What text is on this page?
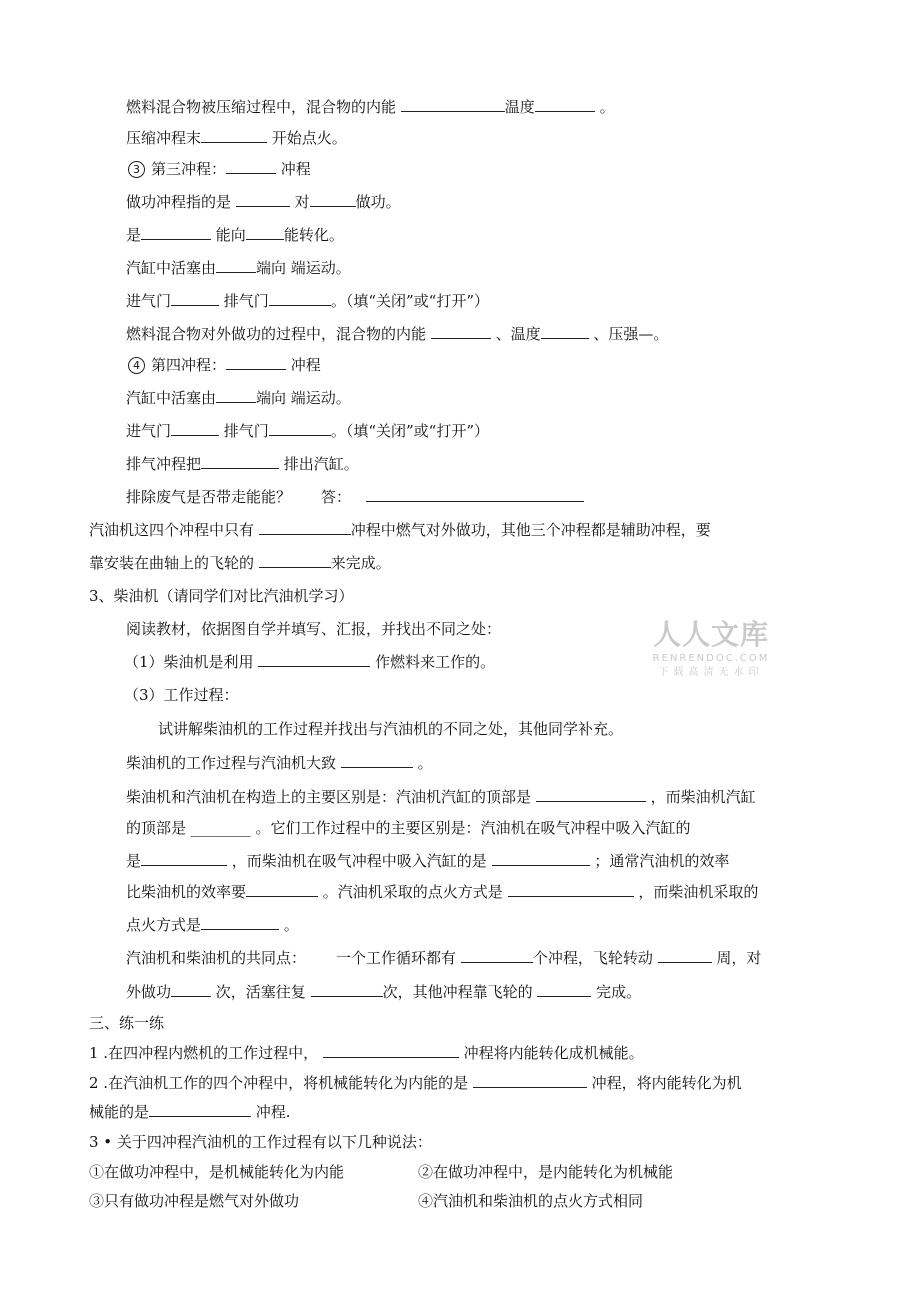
燃料混合物被压缩过程中，混合物的内能	温度	。
压缩冲程末	开始点火。
3 第三冲程：	冲程
做功冲程指的是	对	做功。
是	能向	能转化。
汽缸中活塞由	端向 端运动。
进气门	排气门	。（填“关闭”或“打开”）
燃料混合物对外做功的过程中，混合物的内能	、温度	、压强—。
4 第四冲程：	冲程
汽缸中活塞由	端向 端运动。
进气门	排气门	。（填“关闭”或“打开”）
排气冲程把	排出汽缸。
排除废气是否带走能能？ 答：
汽油机这四个冲程中只有	冲程中燃气对外做功，其他三个冲程都是辅助冲程，要
靠安装在曲轴上的飞轮的	来完成。
3、柴油机（请同学们对比汽油机学习）
阅读教材，依据图自学并填写、汇报，并找出不同之处：
（1）柴油机是利用	作燃料来工作的。
（3）工作过程：
试讲解柴油机的工作过程并找出与汽油机的不同之处，其他同学补充。
柴油机的工作过程与汽油机大致	。
柴油机和汽油机在构造上的主要区别是：汽油机汽缸的顶部是	，而柴油机汽缸
的顶部是 ________ 。它们工作过程中的主要区别是：汽油机在吸气冲程中吸入汽缸的
是	，而柴油机在吸气冲程中吸入汽缸的是	；通常汽油机的效率
比柴油机的效率要	。汽油机采取的点火方式是	，而柴油机采取的
点火方式是	。
汽油机和柴油机的共同点： 一个工作循环都有	个冲程，飞轮转动	周，对
外做功	次，活塞往复	次，其他冲程靠飞轮的	完成。
三、练一练
1 .在四冲程内燃机的工作过程中，	冲程将内能转化成机械能。
2 .在汽油机工作的四个冲程中，将机械能转化为内能的是	冲程，将内能转化为机
械能的是	冲程.
3 • 关于四冲程汽油机的工作过程有以下几种说法：
①在做功冲程中，是机械能转化为内能	②在做功冲程中，是内能转化为机械能
③只有做功冲程是燃气对外做功	④汽油机和柴油机的点火方式相同
人人文库
RENRENDOC.COM
下载高清无水印
